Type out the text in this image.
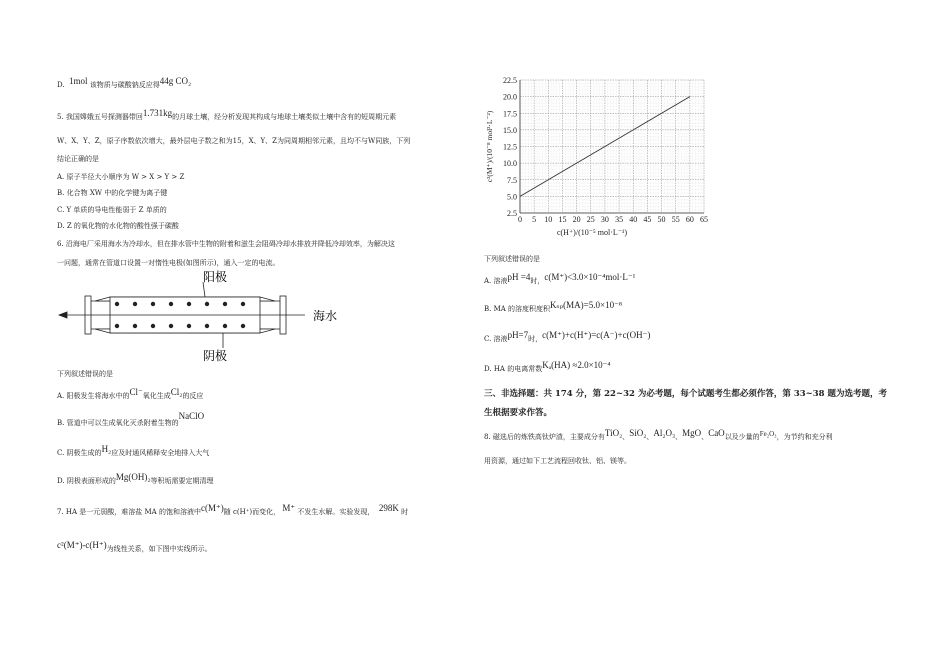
D. 1mol 该物质与碳酸钠反应得44g CO₂
5. 我国嫦娥五号探测器带回1.731kg的月球土壤，经分析发现其构成与地球土壤类似土壤中含有的短周期元素
W、X、Y、Z，原子序数依次增大，最外层电子数之和为15，X、Y、Z为同周期相邻元素，且均不与W同族，下列
结论正确的是
A. 原子半径大小顺序为 W > X > Y > Z
B. 化合物 XW 中的化学键为离子键
C. Y 单质的导电性能弱于 Z 单质的
D. Z 的氧化物的水化物的酸性强于碳酸
6. 沿海电厂采用海水为冷却水，但在排水管中生物的附着和滋生会阻碍冷却水排放并降低冷却效率，为解决这
一问题，通常在管道口设置一对惰性电极(如图所示)，通入一定的电流。
阳极
海水
阴极
下列叙述错误的是
A. 阳极发生将海水中的Cl⁻氧化生成Cl₂的反应
B. 管道中可以生成氧化灭杀附着生物的NaClO
C. 阴极生成的H₂应及时通风稀释安全地排入大气
D. 阴极表面形成的Mg(OH)₂等积垢需要定期清理
7. HA 是一元弱酸，难溶盐 MA 的饱和溶液中c(M⁺)随 c(H⁺)而变化， M⁺ 不发生水解。实验发现， 298K 时
c²(M⁺)-c(H⁺)为线性关系，如下图中实线所示。
0 5 10 15 20 25 30 35 40 45 50 55 60 65
2.5
5.0
7.5
10.0
12.5
15.0
17.5
20.0
22.5
c(H⁺)/(10⁻⁵ mol·L⁻¹)
c²(M⁺)/(10⁻⁸ mol²·L⁻²)
下列叙述错误的是
A. 溶液pH =4时，c(M⁺)<3.0×10⁻⁴mol·L⁻¹
B. MA 的溶度积度积Kₛₚ(MA)=5.0×10⁻⁸
C. 溶液pH=7时，c(M⁺)+c(H⁺)=c(A⁻)+c(OH⁻)
D. HA 的电离常数Kₐ(HA) ≈2.0×10⁻⁴
三、非选择题：共 174 分，第 22~32 为必考题，每个试题考生都必须作答，第 33~38 题为选考题，考
生根据要求作答。
8. 磁选后的炼铁高钛炉渣，主要成分有TiO₂、SiO₂、Al₂O₃、MgO、CaO以及少量的Fe₂O₃，为节约和充分利
用资源，通过如下工艺流程回收钛、铝、镁等。
